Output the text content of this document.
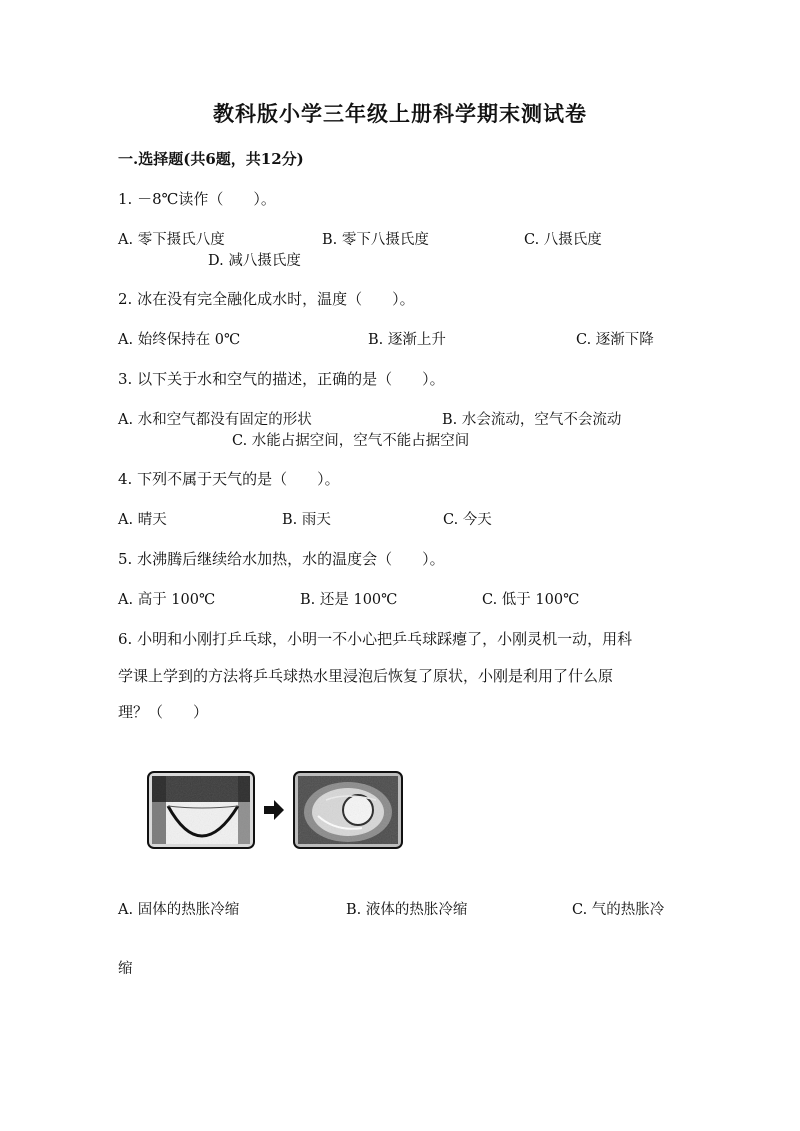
教科版小学三年级上册科学期末测试卷
一.选择题(共6题，共12分)
1. －8℃读作（　　）。
A. 零下摄氏八度	B. 零下八摄氏度	C. 八摄氏度
D. 减八摄氏度
2. 冰在没有完全融化成水时，温度（　　）。
A. 始终保持在 0℃	B. 逐渐上升	C. 逐渐下降
3. 以下关于水和空气的描述，正确的是（　　）。
A. 水和空气都没有固定的形状	B. 水会流动，空气不会流动
C. 水能占据空间，空气不能占据空间
4. 下列不属于天气的是（　　）。
A. 晴天	B. 雨天	C. 今天
5. 水沸腾后继续给水加热，水的温度会（　　）。
A. 高于 100℃	B. 还是 100℃	C. 低于 100℃
6. 小明和小刚打乒乓球，小明一不小心把乒乓球踩瘪了，小刚灵机一动，用科
学课上学到的方法将乒乓球热水里浸泡后恢复了原状，小刚是利用了什么原
理？（　　）
A. 固体的热胀冷缩	B. 液体的热胀冷缩	C. 气的热胀冷
缩
